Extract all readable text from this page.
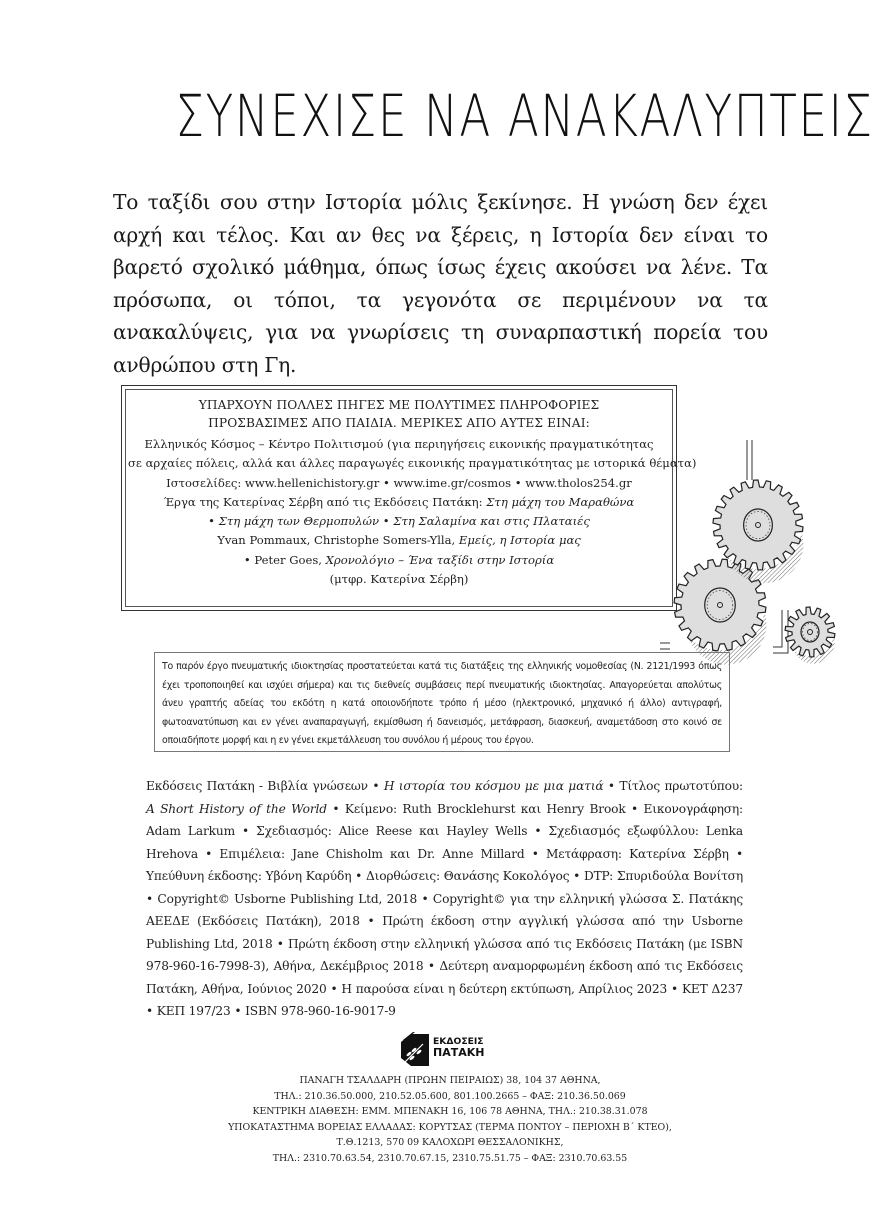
ΣΥΝΕΧΙΣΕ ΝΑ ΑΝΑΚΑΛΥΠΤΕΙΣ

Το ταξίδι σου στην Ιστορία μόλις ξεκίνησε. Η γνώση δεν έχει αρχή και τέλος. Και αν θες να ξέρεις, η Ιστορία δεν είναι το βαρετό σχολικό μάθημα, όπως ίσως έχεις ακούσει να λένε. Τα πρόσωπα, οι τόποι, τα γεγονότα σε περιμένουν να τα ανακαλύψεις, για να γνωρίσεις τη συναρπαστική πορεία του ανθρώπου στη Γη.

ΥΠΑΡΧΟΥΝ ΠΟΛΛΕΣ ΠΗΓΕΣ ΜΕ ΠΟΛΥΤΙΜΕΣ ΠΛΗΡΟΦΟΡΙΕΣ
ΠΡΟΣΒΑΣΙΜΕΣ ΑΠΟ ΠΑΙΔΙΑ. ΜΕΡΙΚΕΣ ΑΠΟ ΑΥΤΕΣ ΕΙΝΑΙ:
Ελληνικός Κόσμος – Κέντρο Πολιτισμού (για περιηγήσεις εικονικής πραγματικότητας
σε αρχαίες πόλεις, αλλά και άλλες παραγωγές εικονικής πραγματικότητας με ιστορικά θέματα)
Ιστοσελίδες: www.hellenichistory.gr • www.ime.gr/cosmos • www.tholos254.gr
Έργα της Κατερίνας Σέρβη από τις Εκδόσεις Πατάκη: Στη μάχη του Μαραθώνα
• Στη μάχη των Θερμοπυλών • Στη Σαλαμίνα και στις Πλαταιές
Yvan Pommaux, Christophe Somers-Ylla, Εμείς, η Ιστορία μας
• Peter Goes, Χρονολόγιο – Ένα ταξίδι στην Ιστορία
(μτφρ. Κατερίνα Σέρβη)
Το παρόν έργο πνευματικής ιδιοκτησίας προστατεύεται κατά τις διατάξεις της ελληνικής νομοθεσίας (Ν. 2121/1993 όπως έχει τροποποιηθεί και ισχύει σήμερα) και τις διεθνείς συμβάσεις περί πνευματικής ιδιοκτησίας. Απαγορεύεται απολύτως άνευ γραπτής αδείας του εκδότη η κατά οποιονδήποτε τρόπο ή μέσο (ηλεκτρονικό, μηχανικό ή άλλο) αντιγραφή, φωτοανατύπωση και εν γένει αναπαραγωγή, εκμίσθωση ή δανεισμός, μετάφραση, διασκευή, αναμετάδοση στο κοινό σε οποιαδήποτε μορφή και η εν γένει εκμετάλλευση του συνόλου ή μέρους του έργου.
Εκδόσεις Πατάκη - Βιβλία γνώσεων • Η ιστορία του κόσμου με μια ματιά • Τίτλος πρωτοτύπου: A Short History of the World • Κείμενο: Ruth Brocklehurst και Henry Brook • Εικονογράφηση: Adam Larkum • Σχεδιασμός: Alice Reese και Hayley Wells • Σχεδιασμός εξωφύλλου: Lenka Hrehova • Επιμέλεια: Jane Chisholm και Dr. Anne Millard • Μετάφραση: Κατερίνα Σέρβη • Υπεύθυνη έκδοσης: Υβόνη Καρύδη • Διορθώσεις: Θανάσης Κοκολόγος • DTP: Σπυριδούλα Βονίτση • Copyright© Usborne Publishing Ltd, 2018 • Copyright© για την ελληνική γλώσσα Σ. Πατάκης ΑΕΕΔΕ (Εκδόσεις Πατάκη), 2018 • Πρώτη έκδοση στην αγγλική γλώσσα από την Usborne Publishing Ltd, 2018 • Πρώτη έκδοση στην ελληνική γλώσσα από τις Εκδόσεις Πατάκη (με ISBN 978-960-16-7998-3), Αθήνα, Δεκέμβριος 2018 • Δεύτερη αναμορφωμένη έκδοση από τις Εκδόσεις Πατάκη, Αθήνα, Ιούνιος 2020 • Η παρούσα είναι η δεύτερη εκτύπωση, Απρίλιος 2023 • ΚΕΤ Δ237 • ΚΕΠ 197/23 • ISBN 978-960-16-9017-9
ΕΚΔΟΣΕΙΣ
ΠΑΤΑΚΗ
ΠΑΝΑΓΗ ΤΣΑΛΔΑΡΗ (ΠΡΩΗΝ ΠΕΙΡΑΙΩΣ) 38, 104 37 ΑΘΗΝΑ,
ΤΗΛ.: 210.36.50.000, 210.52.05.600, 801.100.2665 – ΦΑΞ: 210.36.50.069
ΚΕΝΤΡΙΚΗ ΔΙΑΘΕΣΗ: ΕΜΜ. ΜΠΕΝΑΚΗ 16, 106 78 ΑΘΗΝΑ, ΤΗΛ.: 210.38.31.078
ΥΠΟΚΑΤΑΣΤΗΜΑ ΒΟΡΕΙΑΣ ΕΛΛΑΔΑΣ: ΚΟΡΥΤΣΑΣ (ΤΕΡΜΑ ΠΟΝΤΟΥ – ΠΕΡΙΟΧΗ Β΄ ΚΤΕΟ),
Τ.Θ.1213, 570 09 ΚΑΛΟΧΩΡΙ ΘΕΣΣΑΛΟΝΙΚΗΣ,
ΤΗΛ.: 2310.70.63.54, 2310.70.67.15, 2310.75.51.75 – ΦΑΞ: 2310.70.63.55
